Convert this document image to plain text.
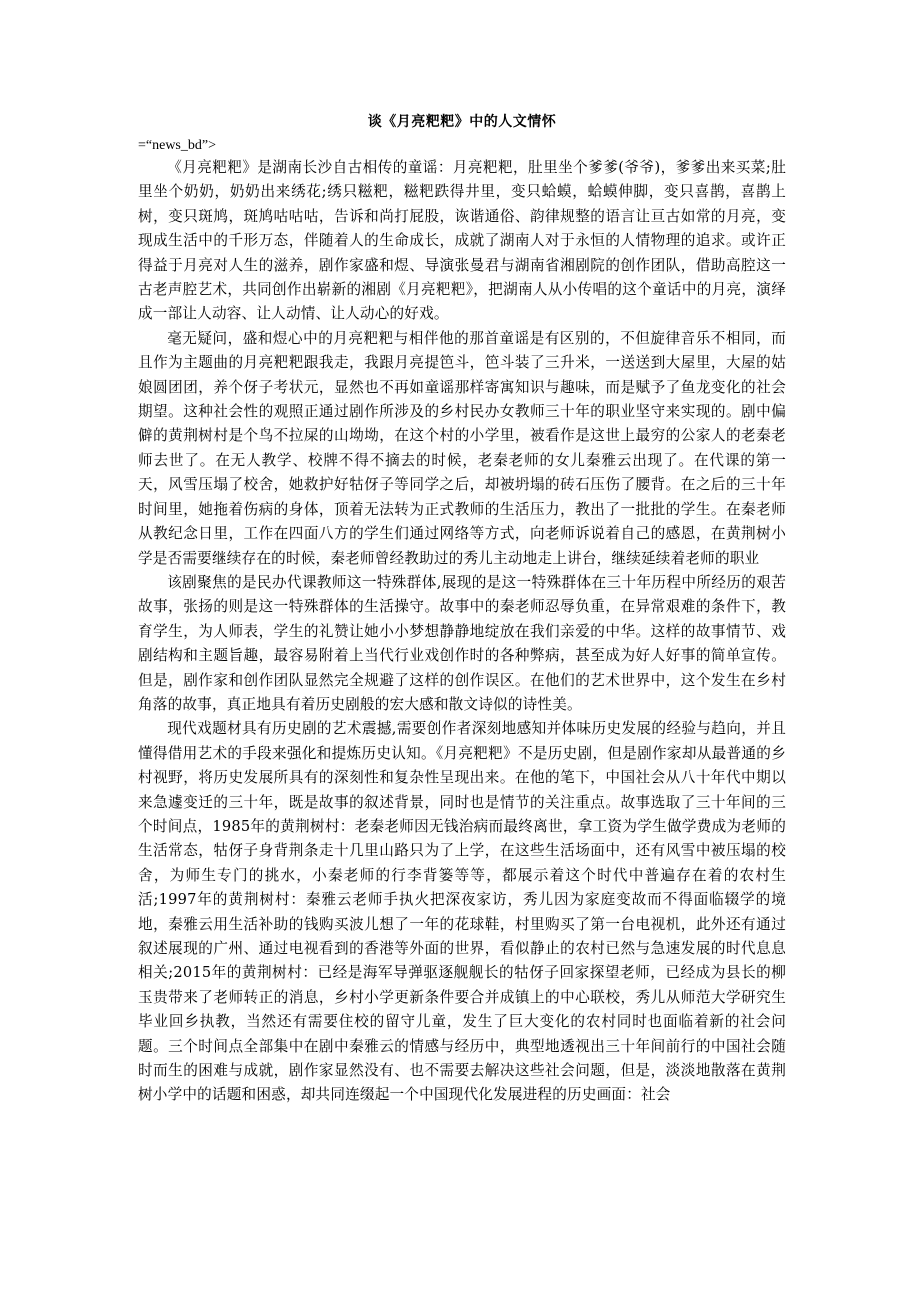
谈《月亮粑粑》中的人文情怀

=“news_bd”>

《月亮粑粑》是湖南长沙自古相传的童谣：月亮粑粑，肚里坐个爹爹(爷爷)，爹爹出来买菜;肚里坐个奶奶，奶奶出来绣花;绣只糍粑，糍粑跌得井里，变只蛤蟆，蛤蟆伸脚，变只喜鹊，喜鹊上树，变只斑鸠，斑鸠咕咕咕，告诉和尚打屁股，诙谐通俗、韵律规整的语言让亘古如常的月亮，变现成生活中的千形万态，伴随着人的生命成长，成就了湖南人对于永恒的人情物理的追求。或许正得益于月亮对人生的滋养，剧作家盛和煜、导演张曼君与湖南省湘剧院的创作团队，借助高腔这一古老声腔艺术，共同创作出崭新的湘剧《月亮粑粑》，把湖南人从小传唱的这个童话中的月亮，演绎成一部让人动容、让人动情、让人动心的好戏。

毫无疑问，盛和煜心中的月亮粑粑与相伴他的那首童谣是有区别的，不但旋律音乐不相同，而且作为主题曲的月亮粑粑跟我走，我跟月亮提笆斗，笆斗装了三升米，一送送到大屋里，大屋的姑娘圆团团，养个伢子考状元，显然也不再如童谣那样寄寓知识与趣味，而是赋予了鱼龙变化的社会期望。这种社会性的观照正通过剧作所涉及的乡村民办女教师三十年的职业坚守来实现的。剧中偏僻的黄荆树村是个鸟不拉屎的山坳坳，在这个村的小学里，被看作是这世上最穷的公家人的老秦老师去世了。在无人教学、校牌不得不摘去的时候，老秦老师的女儿秦雅云出现了。在代课的第一天，风雪压塌了校舍，她救护好牯伢子等同学之后，却被坍塌的砖石压伤了腰背。在之后的三十年时间里，她拖着伤病的身体，顶着无法转为正式教师的生活压力，教出了一批批的学生。在秦老师从教纪念日里，工作在四面八方的学生们通过网络等方式，向老师诉说着自己的感恩，在黄荆树小学是否需要继续存在的时候，秦老师曾经教助过的秀儿主动地走上讲台，继续延续着老师的职业

该剧聚焦的是民办代课教师这一特殊群体,展现的是这一特殊群体在三十年历程中所经历的艰苦故事，张扬的则是这一特殊群体的生活操守。故事中的秦老师忍辱负重，在异常艰难的条件下，教育学生，为人师表，学生的礼赞让她小小梦想静静地绽放在我们亲爱的中华。这样的故事情节、戏剧结构和主题旨趣，最容易附着上当代行业戏创作时的各种弊病，甚至成为好人好事的简单宣传。但是，剧作家和创作团队显然完全规避了这样的创作误区。在他们的艺术世界中，这个发生在乡村角落的故事，真正地具有着历史剧般的宏大感和散文诗似的诗性美。

现代戏题材具有历史剧的艺术震撼,需要创作者深刻地感知并体味历史发展的经验与趋向，并且懂得借用艺术的手段来强化和提炼历史认知。《月亮粑粑》不是历史剧，但是剧作家却从最普通的乡村视野，将历史发展所具有的深刻性和复杂性呈现出来。在他的笔下，中国社会从八十年代中期以来急遽变迁的三十年，既是故事的叙述背景，同时也是情节的关注重点。故事选取了三十年间的三个时间点，1985年的黄荆树村：老秦老师因无钱治病而最终离世，拿工资为学生做学费成为老师的生活常态，牯伢子身背荆条走十几里山路只为了上学，在这些生活场面中，还有风雪中被压塌的校舍，为师生专门的挑水，小秦老师的行李背篓等等，都展示着这个时代中普遍存在着的农村生活;1997年的黄荆树村：秦雅云老师手执火把深夜家访，秀儿因为家庭变故而不得面临辍学的境地，秦雅云用生活补助的钱购买波儿想了一年的花球鞋，村里购买了第一台电视机，此外还有通过叙述展现的广州、通过电视看到的香港等外面的世界，看似静止的农村已然与急速发展的时代息息相关;2015年的黄荆树村：已经是海军导弹驱逐舰舰长的牯伢子回家探望老师，已经成为县长的柳玉贵带来了老师转正的消息，乡村小学更新条件要合并成镇上的中心联校，秀儿从师范大学研究生毕业回乡执教，当然还有需要住校的留守儿童，发生了巨大变化的农村同时也面临着新的社会问题。三个时间点全部集中在剧中秦雅云的情感与经历中，典型地透视出三十年间前行的中国社会随时而生的困难与成就，剧作家显然没有、也不需要去解决这些社会问题，但是，淡淡地散落在黄荆树小学中的话题和困惑，却共同连缀起一个中国现代化发展进程的历史画面：社会
